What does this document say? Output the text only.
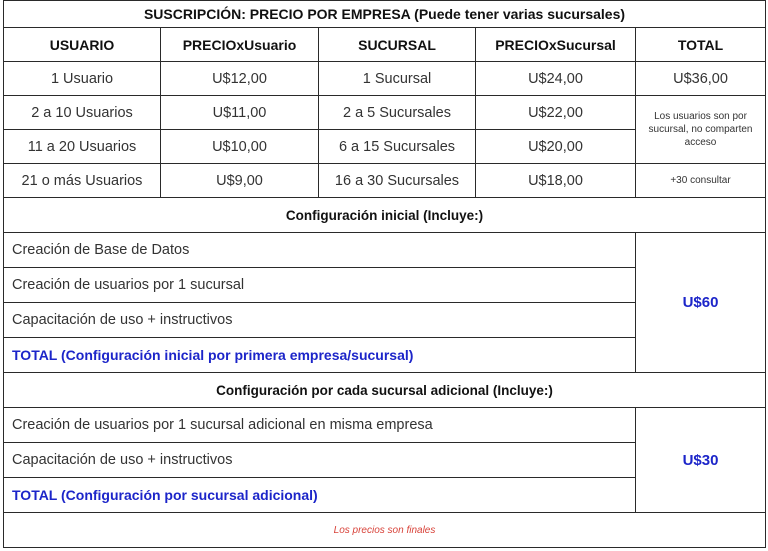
SUSCRIPCIÓN: PRECIO POR EMPRESA (Puede tener varias sucursales)				
USUARIO	PRECIOxUsuario	SUCURSAL	PRECIOxSucursal	TOTAL
1 Usuario	U$12,00	1 Sucursal	U$24,00	U$36,00
2 a 10 Usuarios	U$11,00	2 a 5 Sucursales	U$22,00	Los usuarios son por sucursal, no comparten acceso
11 a 20 Usuarios	U$10,00	6 a 15 Sucursales	U$20,00	
21 o más Usuarios	U$9,00	16 a 30 Sucursales	U$18,00	+30 consultar
Configuración inicial (Incluye:)				
Creación de Base de Datos				U$60
Creación de usuarios por 1 sucursal				
Capacitación de uso + instructivos				
TOTAL (Configuración inicial por primera empresa/sucursal)				
Configuración por cada sucursal adicional (Incluye:)				
Creación de usuarios por 1 sucursal adicional en misma empresa				U$30
Capacitación de uso + instructivos				
TOTAL (Configuración por sucursal adicional)				
Los precios son finales				
